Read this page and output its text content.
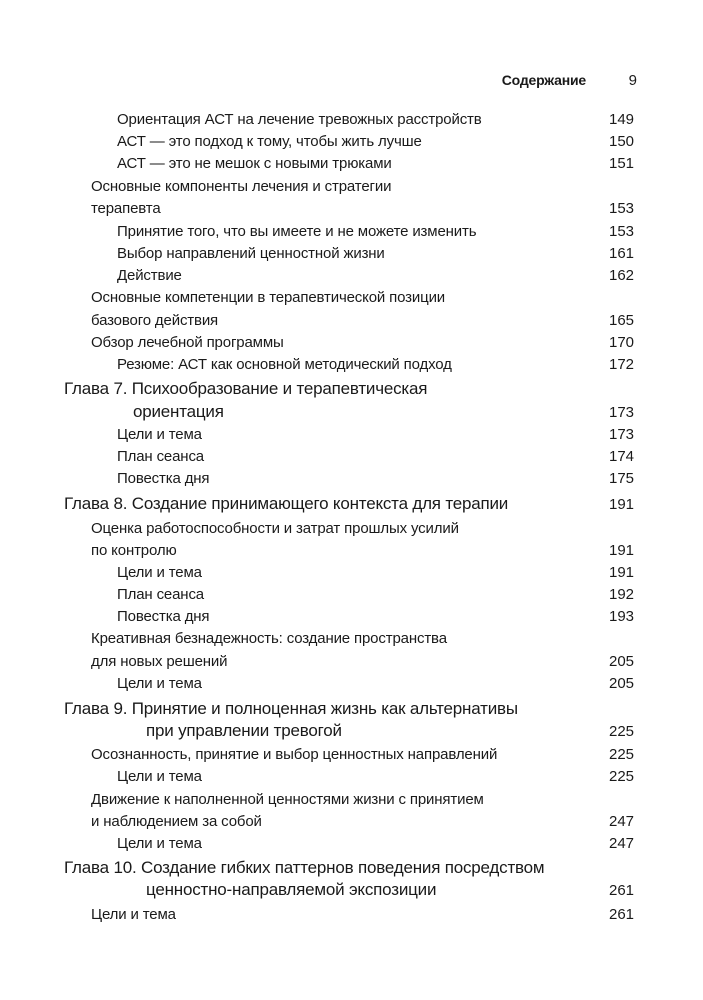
Содержание	9
Ориентация АСТ на лечение тревожных расстройств	149
АСТ — это подход к тому, чтобы жить лучше	150
АСТ — это не мешок с новыми трюками	151
Основные компоненты лечения и стратегии
терапевта	153
Принятие того, что вы имеете и не можете изменить	153
Выбор направлений ценностной жизни	161
Действие	162
Основные компетенции в терапевтической позиции
базового действия	165
Обзор лечебной программы	170
Резюме: АСТ как основной методический подход	172
Глава 7. Психообразование и терапевтическая
ориентация	173
Цели и тема	173
План сеанса	174
Повестка дня	175
Глава 8. Создание принимающего контекста для терапии	191
Оценка работоспособности и затрат прошлых усилий
по контролю	191
Цели и тема	191
План сеанса	192
Повестка дня	193
Креативная безнадежность: создание пространства
для новых решений	205
Цели и тема	205
Глава 9. Принятие и полноценная жизнь как альтернативы
при управлении тревогой	225
Осознанность, принятие и выбор ценностных направлений	225
Цели и тема	225
Движение к наполненной ценностями жизни с принятием
и наблюдением за собой	247
Цели и тема	247
Глава 10. Создание гибких паттернов поведения посредством
ценностно-направляемой экспозиции	261
Цели и тема	261
